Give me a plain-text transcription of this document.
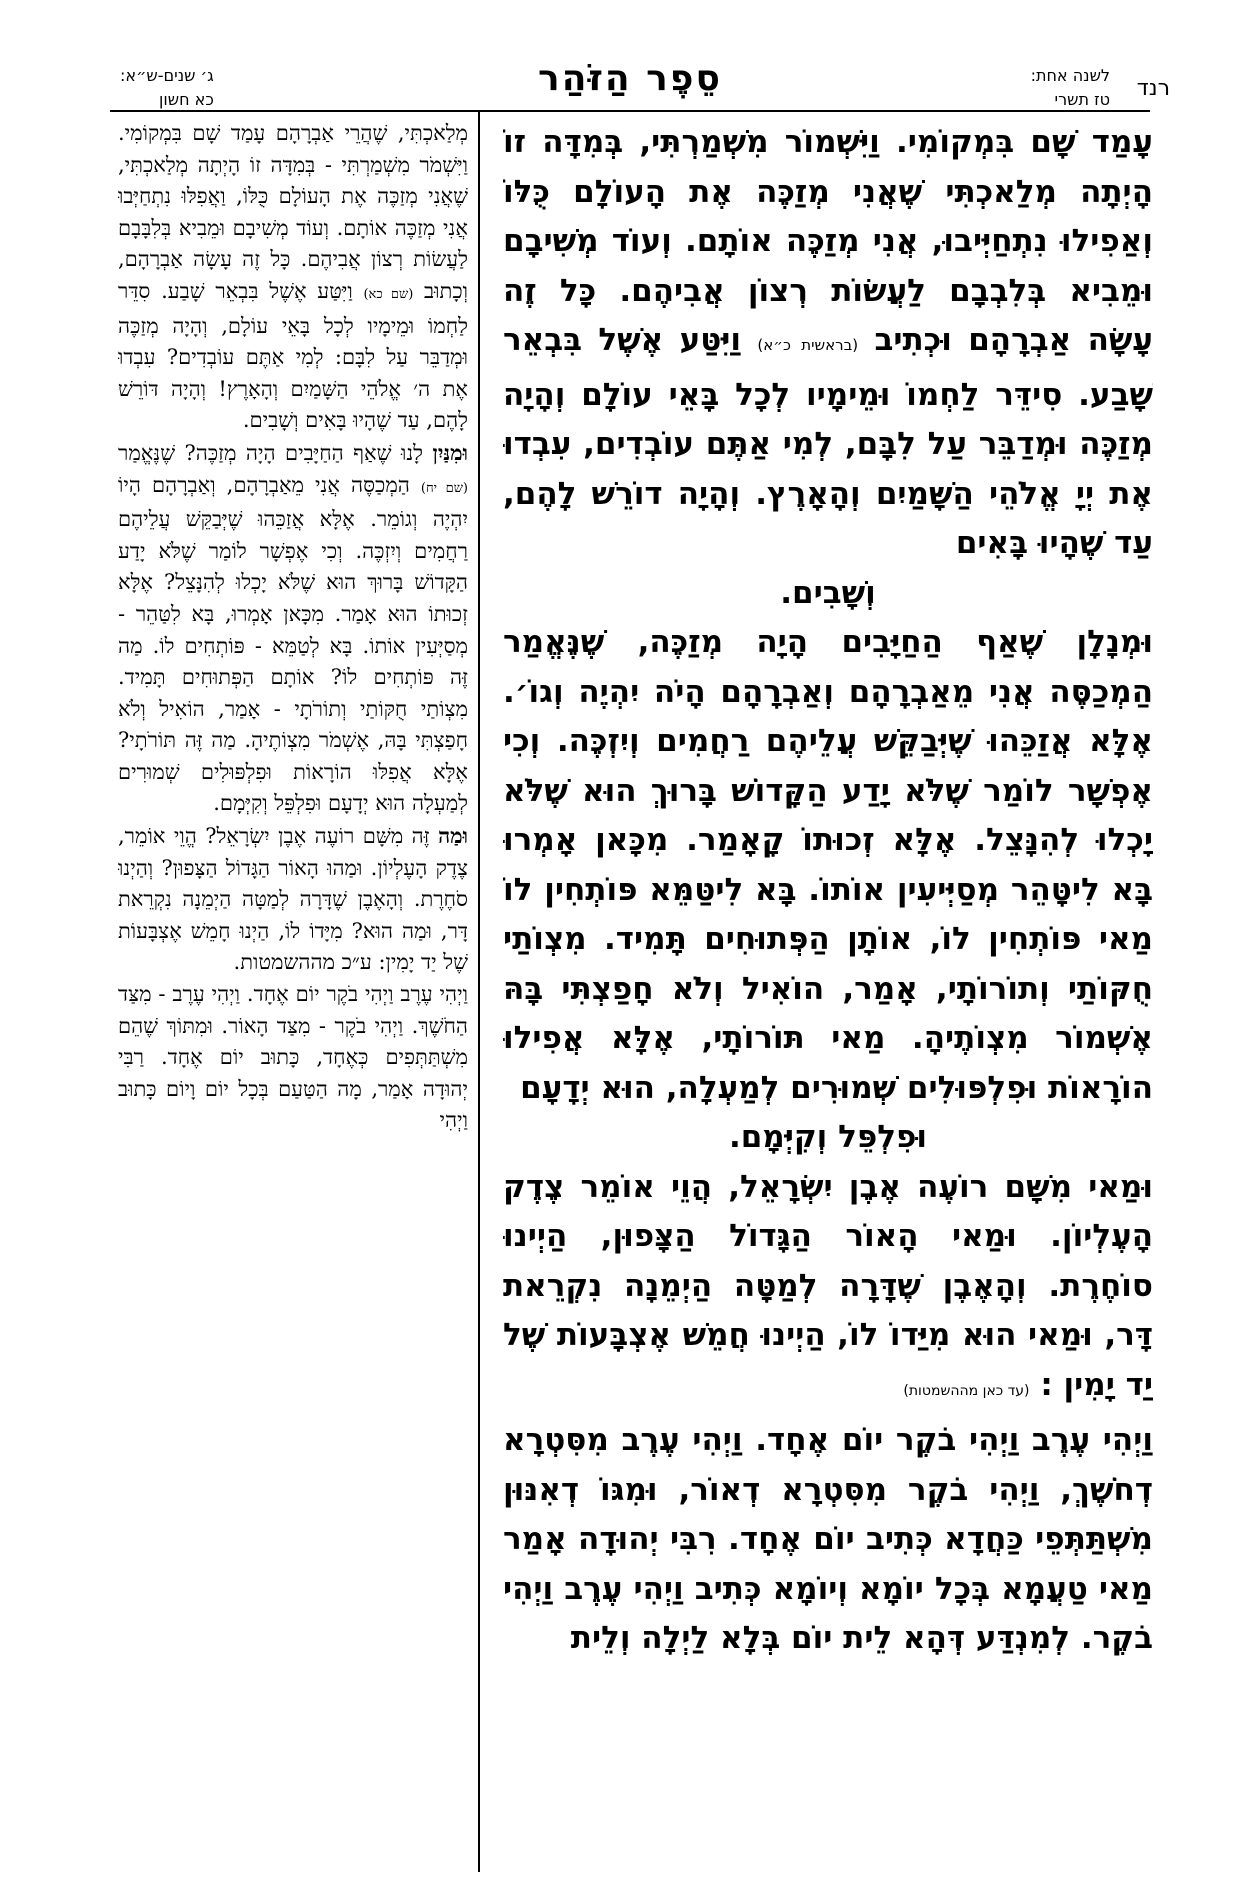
רנד
לשנה אחת:
טז תשרי
סֵפֶר הַזֹּהַר
ג׳ שנים-ש״א:
כא חשון

עָמַד שָׁם בִּמְקוֹמִי. וַיִּשְׁמוֹר מִשְׁמַרְתִּי, בְּמִדָּה זוֹ הָיְתָה מְלַאכְתִּי שֶׁאֲנִי מְזַכֶּה אֶת הָעוֹלָם כֻּלּוֹ וְאַפִילוּ נִתְחַיְּיבוּ, אֲנִי מְזַכֶּה אוֹתָם. וְעוֹד מְשִׁיבָם וּמֵבִיא בְּלִבְבָם לַעֲשׂוֹת רְצוֹן אֲבִיהֶם. כָּל זֶה עָשָׂה אַבְרָהָם וּכְתִיב (בראשית כ״א) וַיִּטַּע אֶשֶׁל בִּבְאֵר שָׁבַע. סִידֵּר לַחְמוֹ וּמֵימָיו לְכָל בָּאֵי עוֹלָם וְהָיָה מְזַכֶּה וּמְדַבֵּר עַל לִבָּם, לְמִי אַתֶּם עוֹבְדִים, עִבְדוּ אֶת יְיָ אֱלֹהֵי הַשָּׁמַיִם וְהָאָרֶץ. וְהָיָה דוֹרֵשׁ לָהֶם, עַד שֶׁהָיוּ בָּאִים

וְשָׁבִים.

וּמְנָלָן שֶׁאַף הַחַיָּבִים הָיָה מְזַכֶּה, שֶׁנֶּאֱמַר הַמְכַסֶּה אֲנִי מֵאַבְרָהָם וְאַבְרָהָם הָיֹה יִהְיֶה וְגוֹ׳. אֶלָּא אֲזַכֵּהוּ שֶׁיְּבַקֵּשׁ עֲלֵיהֶם רַחֲמִים וְיִזְכֶּה. וְכִי אֶפְשָׁר לוֹמַר שֶׁלֹּא יָדַע הַקָּדוֹשׁ בָּרוּךְ הוּא שֶׁלֹּא יָכְלוּ לְהִנָּצֵל. אֶלָּא זְכוּתוֹ קָאָמַר. מִכָּאן אָמְרוּ בָּא לִיטָּהֵר מְסַיְּיעִין אוֹתוֹ. בָּא לִיטַּמֵּא פּוֹתְחִין לוֹ מַאי פּוֹתְחִין לוֹ, אוֹתָן הַפְּתוּחִים תָּמִיד. מִצְוֹתַי חֻקּוֹתַי וְתוֹרוֹתָי, אָמַר, הוֹאִיל וְלֹא חָפַצְתִּי בָּהּ אֶשְׁמוֹר מִצְוֹתֶיהָ. מַאי תּוֹרוֹתָי, אֶלָּא אֲפִילוּ הוֹרָאוֹת וּפִלְפּוּלִים שְׁמוּרִים לְמַעְלָה, הוּא יְדָעָם

וּפִלְפֵּל וְקִיְּמָם.

וּמַאי מִשָּׁם רוֹעֶה אֶבֶן יִשְׂרָאֵל, הֲוֵי אוֹמֵר צֶדֶק הָעֶלְיוֹן. וּמַאי הָאוֹר הַגָּדוֹל הַצָּפוּן, הַיְינוּ סוֹחֶרֶת. וְהָאֶבֶן שֶׁדָּרָה לְמַטָּה הַיְמֵנָה נִקְרֵאת דָּר, וּמַאי הוּא מִיַּדוֹ לוֹ, הַיְינוּ חֲמֵשׁ אֶצְבָּעוֹת שֶׁל יַד יָמִין : (עד כאן מההשמטות)

וַיְהִי עֶרֶב וַיְהִי בֹקֶר יוֹם אֶחָד. וַיְהִי עֶרֶב מִסִּטְרָא דְחֹשֶׁךְ, וַיְהִי בֹקֶר מִסִּטְרָא דְאוֹר, וּמִגּוֹ דְאִנּוּן מִשְׁתַּתְּפֵי כַּחֲדָא כְּתִיב יוֹם אֶחָד. רִבִּי יְהוּדָה אָמַר מַאי טַעֲמָא בְּכָל יוֹמָא וְיוֹמָא כְּתִיב וַיְהִי עֶרֶב וַיְהִי בֹקֶר. לְמִנְדַּע דְּהָא לֵית יוֹם בְּלָא לַיְלָה וְלֵית

מְלַאכְתִּי, שֶׁהֲרֵי אַבְרָהָם עָמַד שָׁם בִּמְקוֹמִי. וַיִּשְׁמֹר מִשְׁמַרְתִּי - בְּמִדָּה זוֹ הָיְתָה מְלַאכְתִּי, שֶׁאֲנִי מְזַכֶּה אֶת הָעוֹלָם כֻּלּוֹ, וַאֲפִלּוּ נִתְחַיְּבוּ אֲנִי מְזַכֶּה אוֹתָם. וְעוֹד מְשִׁיבָם וּמֵבִיא בְּלִבָּבָם לַעֲשׂוֹת רְצוֹן אֲבִיהֶם. כָּל זֶה עָשָׂה אַבְרָהָם, וְכָתוּב (שם כא) וַיִּטַּע אֶשֶׁל בִּבְאֵר שָׁבַע. סִדֵּר לַחְמוֹ וּמֵימָיו לְכָל בָּאֵי עוֹלָם, וְהָיָה מְזַכֶּה וּמְדַבֵּר עַל לִבָּם: לְמִי אַתֶּם עוֹבְדִים? עִבְדוּ אֶת ה׳ אֱלֹהֵי הַשָּׁמַיִם וְהָאָרֶץ! וְהָיָה דּוֹרֵשׁ לָהֶם, עַד שֶׁהָיוּ בָּאִים וְשָׁבִים.

וּמִנַּיִן לָנוּ שֶׁאַף הַחַיָּבִים הָיָה מְזַכֶּה? שֶׁנֶּאֱמַר (שם יח) הַמְכַסֶּה אֲנִי מֵאַבְרָהָם, וְאַבְרָהָם הָיוֹ יִהְיֶה וְגוֹמֵר. אֶלָּא אֲזַכֵּהוּ שֶׁיְּבַקֵּשׁ עֲלֵיהֶם רַחֲמִים וְיִזְכֶּה. וְכִי אֶפְשָׁר לוֹמַר שֶׁלֹּא יָדַע הַקָּדוֹשׁ בָּרוּךְ הוּא שֶׁלֹּא יָכְלוּ לְהִנָּצֵל? אֶלָּא זְכוּתוֹ הוּא אָמַר. מִכָּאן אָמְרוּ, בָּא לִטַּהֵר - מְסַיְּעִין אוֹתוֹ. בָּא לְטַמֵּא - פּוֹתְחִים לוֹ. מַה זֶּה פּוֹתְחִים לוֹ? אוֹתָם הַפְּתוּחִים תָּמִיד. מִצְוֹתַי חֻקּוֹתַי וְתוֹרֹתָי - אָמַר, הוֹאִיל וְלֹא חָפַצְתִּי בָּהּ, אֶשְׁמֹר מִצְוֹתֶיהָ. מַה זֶּה תּוֹרֹתָי? אֶלָּא אֲפִלּוּ הוֹרָאוֹת וּפִלְפּוּלִים שְׁמוּרִים לְמַעְלָה הוּא יְדָעָם וּפִלְפֵּל וְקִיְּמָם.

וּמַה זֶּה מִשָּׁם רוֹעֶה אֶבֶן יִשְׂרָאֵל? הֱוֵי אוֹמֵר, צֶדֶק הָעֶלְיוֹן. וּמַהוּ הָאוֹר הַגָּדוֹל הַצָּפוּן? וְהַיְנוּ סֹחֶרֶת. וְהָאֶבֶן שֶׁדָּרָה לְמַטָּה הַיְמֵנָה נִקְרֵאת דָּר, וּמַה הוּא? מִיָּדוֹ לוֹ, הַיְנוּ חָמֵשׁ אֶצְבָּעוֹת שֶׁל יַד יָמִין: ע״כ מההשמטות.

וַיְהִי עֶרֶב וַיְהִי בֹקֶר יוֹם אֶחָד. וַיְהִי עֶרֶב - מִצַּד הַחֹשֶׁךְ. וַיְהִי בֹקֶר - מִצַּד הָאוֹר. וּמִתּוֹךְ שֶׁהֵם מִשְׁתַּתְּפִים כְּאֶחָד, כָּתוּב יוֹם אֶחָד. רַבִּי יְהוּדָה אָמַר, מָה הַטַּעַם בְּכָל יוֹם וָיוֹם כָּתוּב וַיְהִי
